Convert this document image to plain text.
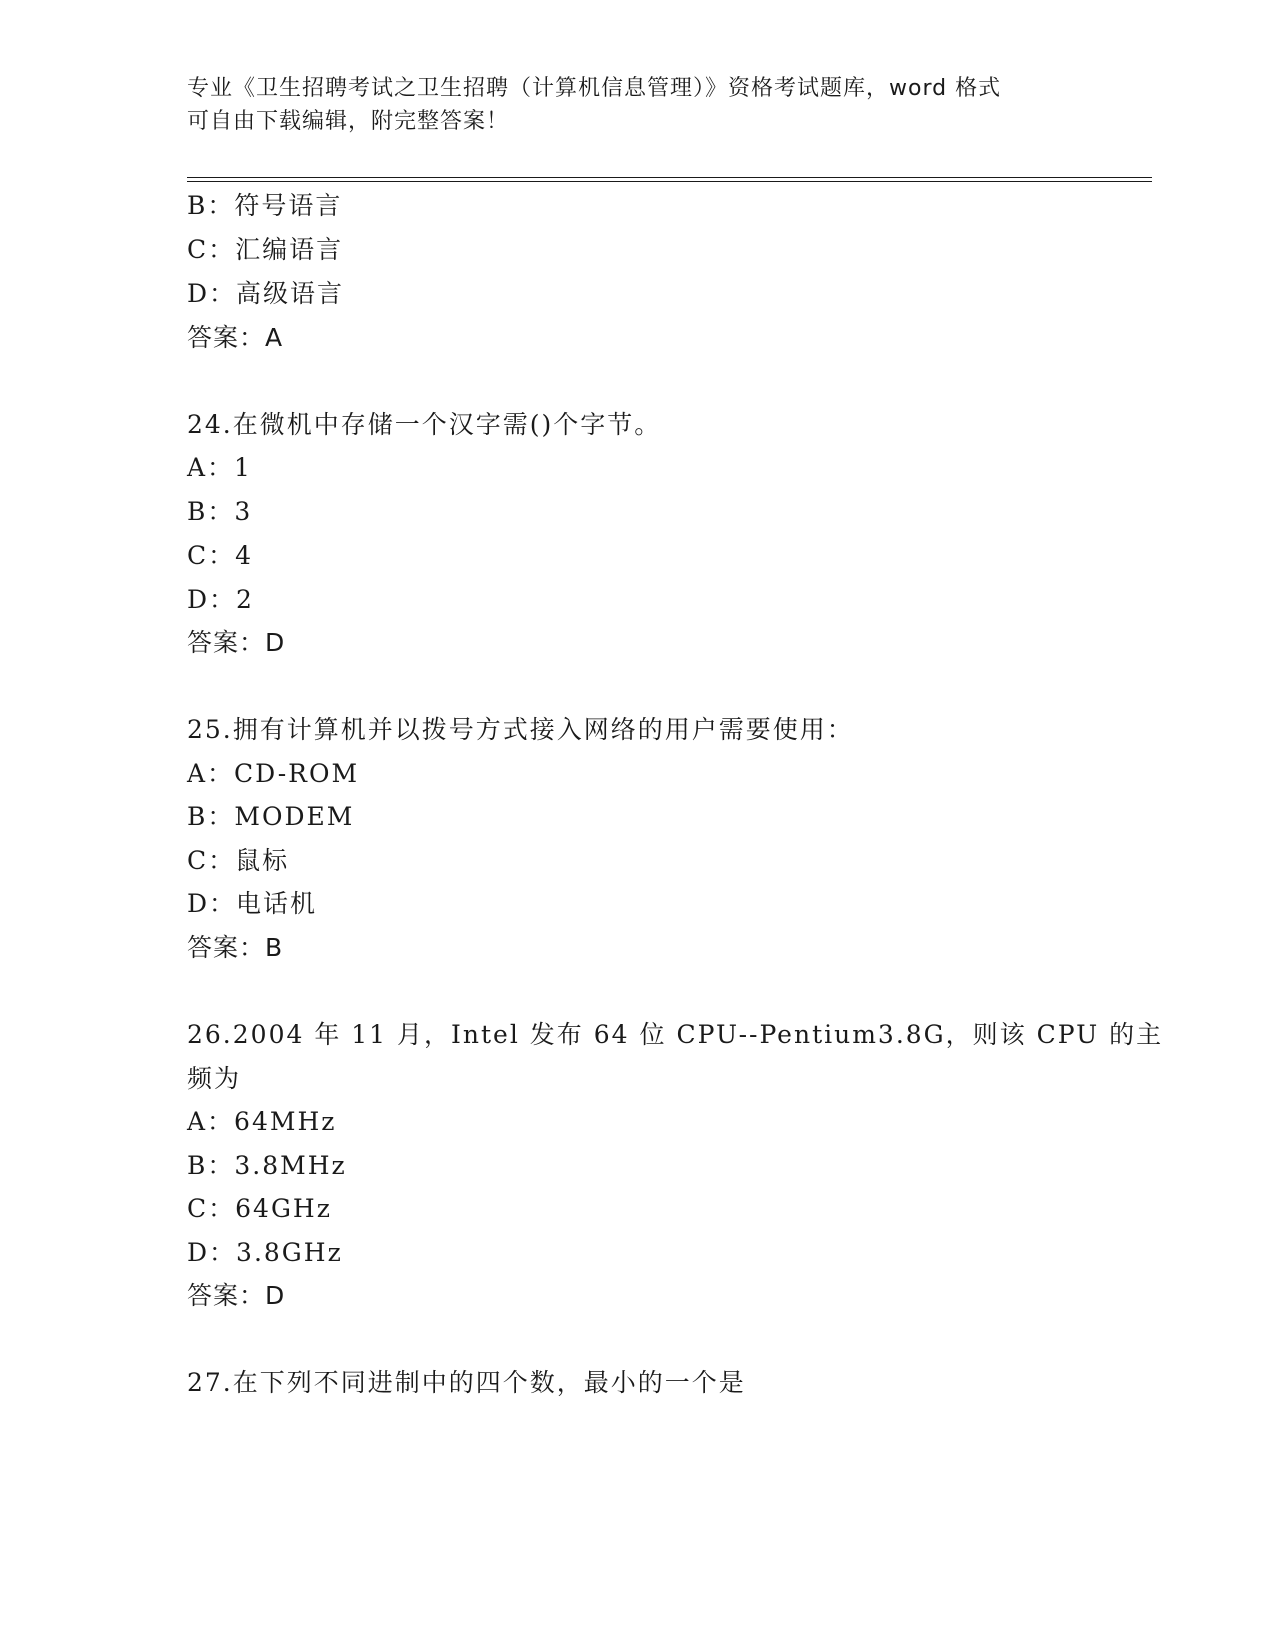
专业《卫生招聘考试之卫生招聘（计算机信息管理）》资格考试题库，word 格式
可自由下载编辑，附完整答案！
B：符号语言
C：汇编语言
D：高级语言
答案：A
24.在微机中存储一个汉字需()个字节。
A：1
B：3
C：4
D：2
答案：D
25.拥有计算机并以拨号方式接入网络的用户需要使用：
A：CD-ROM
B：MODEM
C：鼠标
D：电话机
答案：B
26.2004 年 11 月，Intel 发布 64 位 CPU--Pentium3.8G，则该 CPU 的主
频为
A：64MHz
B：3.8MHz
C：64GHz
D：3.8GHz
答案：D
27.在下列不同进制中的四个数，最小的一个是
